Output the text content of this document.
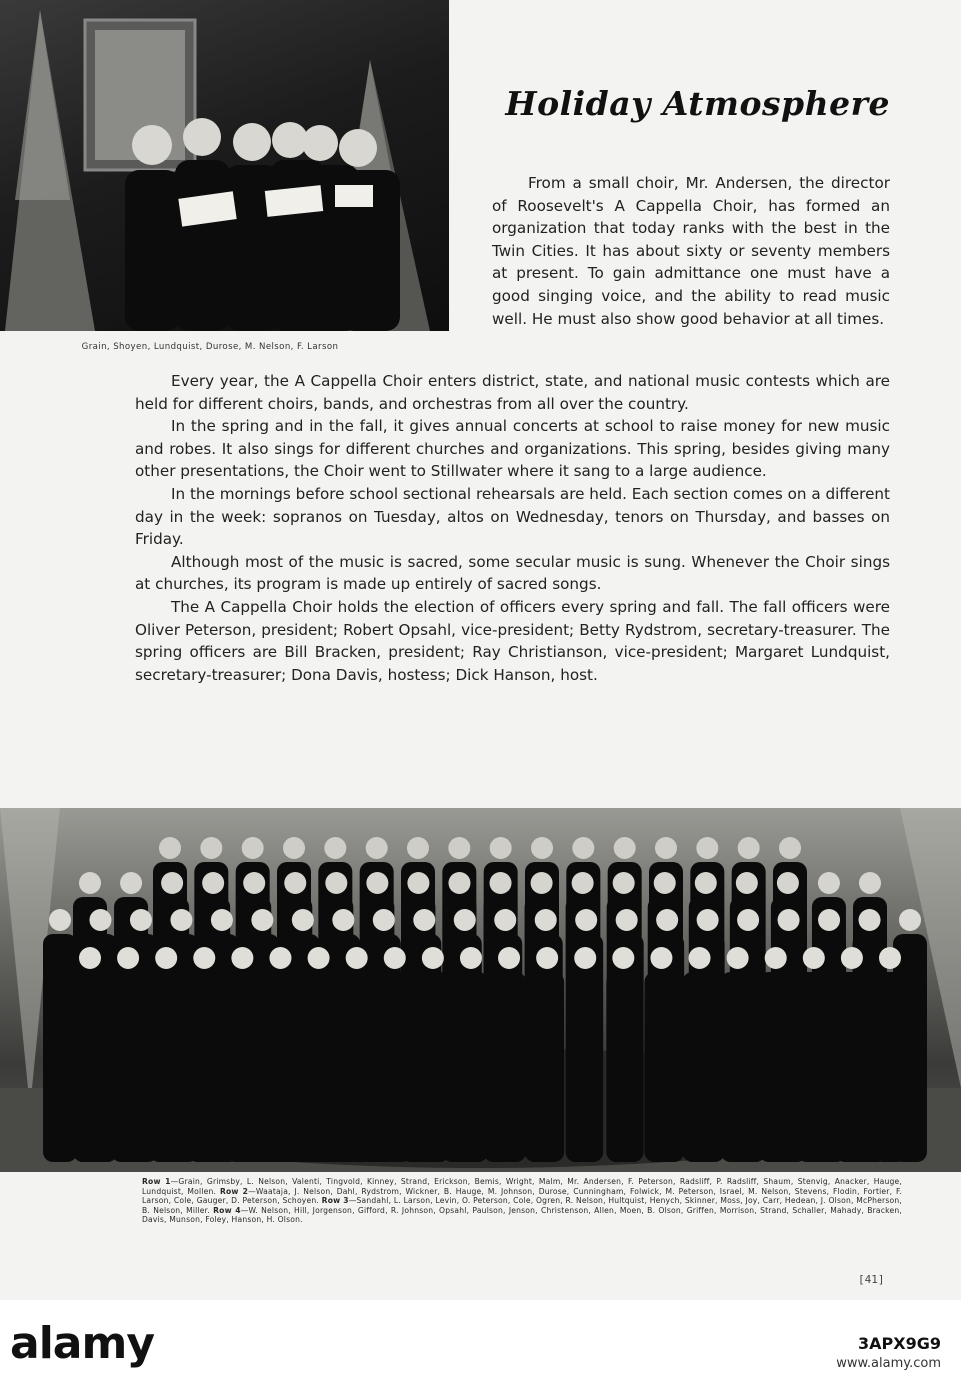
Grain, Shoyen, Lundquist, Durose, M. Nelson, F. Larson
Holiday Atmosphere

From a small choir, Mr. Andersen, the director of Roosevelt's A Cappella Choir, has formed an organization that today ranks with the best in the Twin Cities. It has about sixty or seventy members at present. To gain admittance one must have a good singing voice, and the ability to read music well. He must also show good behavior at all times.

Every year, the A Cappella Choir enters district, state, and national music contests which are held for different choirs, bands, and orchestras from all over the country.

In the spring and in the fall, it gives annual concerts at school to raise money for new music and robes. It also sings for different churches and organizations. This spring, besides giving many other presentations, the Choir went to Stillwater where it sang to a large audience.

In the mornings before school sectional rehearsals are held. Each section comes on a different day in the week: sopranos on Tuesday, altos on Wednesday, tenors on Thursday, and basses on Friday.

Although most of the music is sacred, some secular music is sung. Whenever the Choir sings at churches, its program is made up entirely of sacred songs.

The A Cappella Choir holds the election of officers every spring and fall. The fall officers were Oliver Peterson, president; Robert Opsahl, vice-president; Betty Rydstrom, secretary-treasurer. The spring officers are Bill Bracken, president; Ray Christianson, vice-president; Margaret Lundquist, secretary-treasurer; Dona Davis, hostess; Dick Hanson, host.

Row 1—Grain, Grimsby, L. Nelson, Valenti, Tingvold, Kinney, Strand, Erickson, Bemis, Wright, Malm, Mr. Andersen, F. Peterson, Radsliff, P. Radsliff, Shaum, Stenvig, Anacker, Hauge, Lundquist, Mollen. Row 2—Waataja, J. Nelson, Dahl, Rydstrom, Wickner, B. Hauge, M. Johnson, Durose, Cunningham, Folwick, M. Peterson, Israel, M. Nelson, Stevens, Flodin, Fortier, F. Larson, Cole, Gauger, D. Peterson, Schoyen. Row 3—Sandahl, L. Larson, Levin, O. Peterson, Cole, Ogren, R. Nelson, Hultquist, Henych, Skinner, Moss, Joy, Carr, Hedean, J. Olson, McPherson, B. Nelson, Miller. Row 4—W. Nelson, Hill, Jorgenson, Gifford, R. Johnson, Opsahl, Paulson, Jenson, Christenson, Allen, Moen, B. Olson, Griffen, Morrison, Strand, Schaller, Mahady, Bracken, Davis, Munson, Foley, Hanson, H. Olson.
[41]
alamy	3APX9G9
www.alamy.com
